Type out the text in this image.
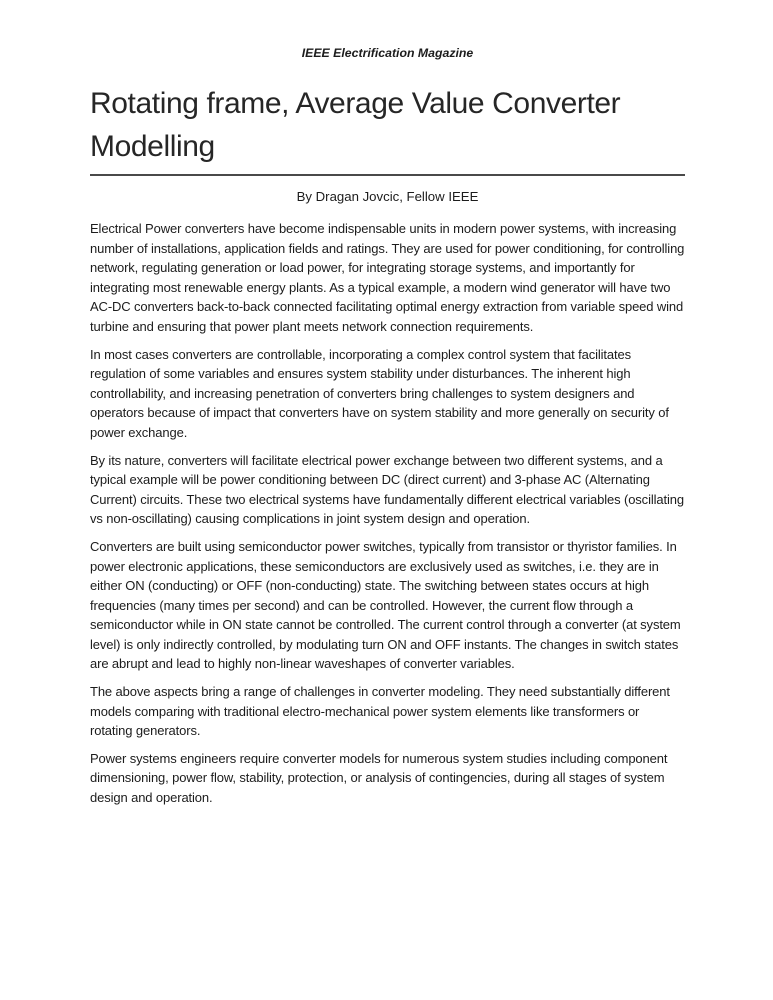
IEEE Electrification Magazine
Rotating frame, Average Value Converter
Modelling
By Dragan Jovcic, Fellow IEEE

Electrical Power converters have become indispensable units in modern power systems, with increasing number of installations, application fields and ratings. They are used for power conditioning, for controlling network, regulating generation or load power, for integrating storage systems, and importantly for integrating most renewable energy plants. As a typical example, a modern wind generator will have two AC-DC converters back-to-back connected facilitating optimal energy extraction from variable speed wind turbine and ensuring that power plant meets network connection requirements.

In most cases converters are controllable, incorporating a complex control system that facilitates regulation of some variables and ensures system stability under disturbances. The inherent high controllability, and increasing penetration of converters bring challenges to system designers and operators because of impact that converters have on system stability and more generally on security of power exchange.

By its nature, converters will facilitate electrical power exchange between two different systems, and a typical example will be power conditioning between DC (direct current) and 3-phase AC (Alternating Current) circuits. These two electrical systems have fundamentally different electrical variables (oscillating vs non-oscillating) causing complications in joint system design and operation.

Converters are built using semiconductor power switches, typically from transistor or thyristor families. In power electronic applications, these semiconductors are exclusively used as switches, i.e. they are in either ON (conducting) or OFF (non-conducting) state. The switching between states occurs at high frequencies (many times per second) and can be controlled. However, the current flow through a semiconductor while in ON state cannot be controlled. The current control through a converter (at system level) is only indirectly controlled, by modulating turn ON and OFF instants. The changes in switch states are abrupt and lead to highly non-linear waveshapes of converter variables.

The above aspects bring a range of challenges in converter modeling. They need substantially different models comparing with traditional electro-mechanical power system elements like transformers or rotating generators.

Power systems engineers require converter models for numerous system studies including component dimensioning, power flow, stability, protection, or analysis of contingencies, during all stages of system design and operation.
